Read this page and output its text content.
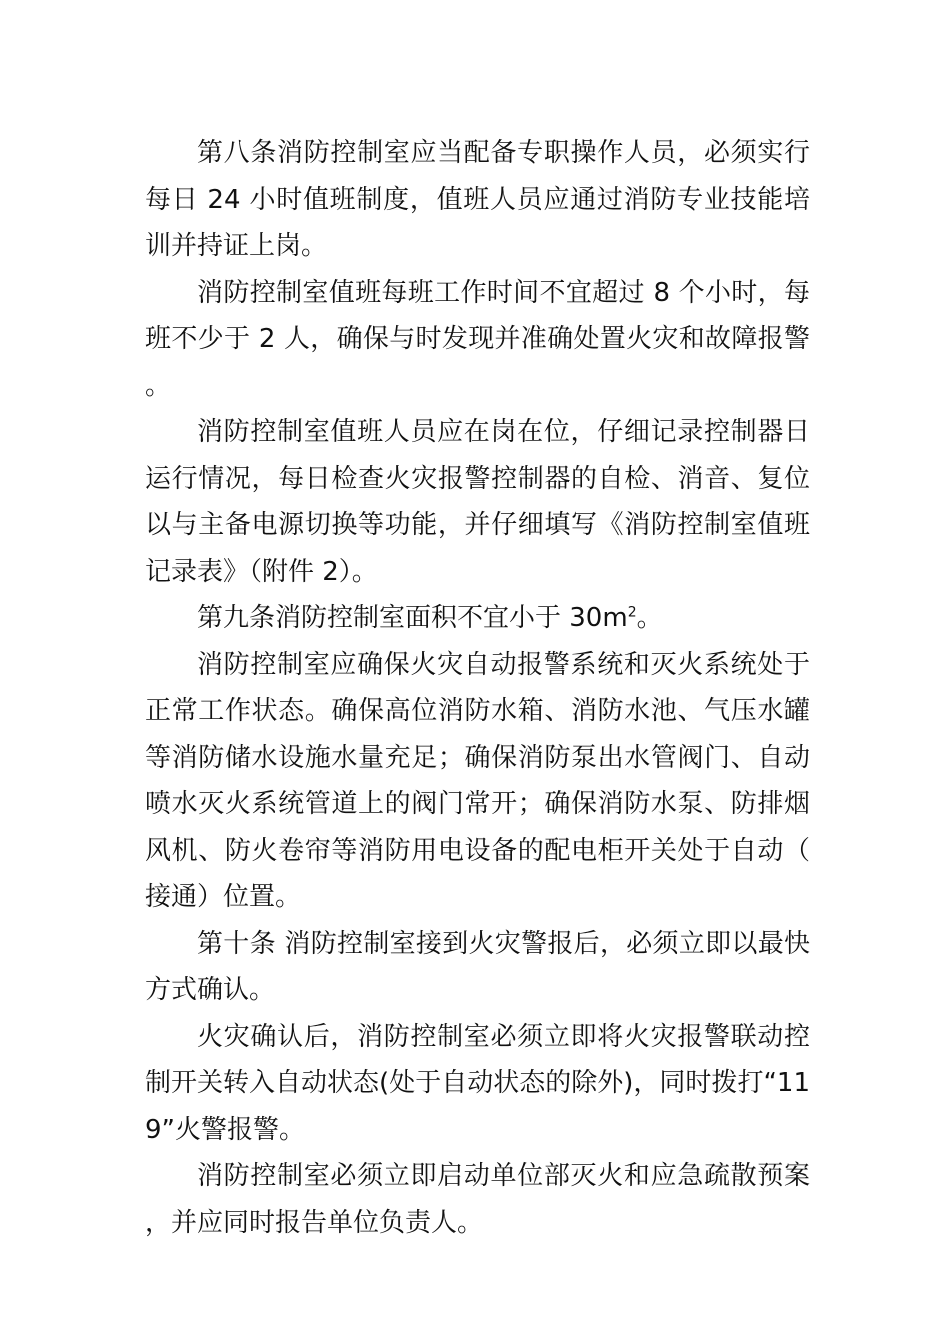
第八条消防控制室应当配备专职操作人员，必须实行每日 24 小时值班制度，值班人员应通过消防专业技能培训并持证上岗。

消防控制室值班每班工作时间不宜超过 8 个小时，每班不少于 2 人，确保与时发现并准确处置火灾和故障报警。

消防控制室值班人员应在岗在位，仔细记录控制器日运行情况，每日检查火灾报警控制器的自检、消音、复位以与主备电源切换等功能，并仔细填写《消防控制室值班记录表》（附件 2）。

第九条消防控制室面积不宜小于 $30m^2$。

消防控制室应确保火灾自动报警系统和灭火系统处于正常工作状态。确保高位消防水箱、消防水池、气压水罐等消防储水设施水量充足；确保消防泵出水管阀门、自动喷水灭火系统管道上的阀门常开；确保消防水泵、防排烟风机、防火卷帘等消防用电设备的配电柜开关处于自动（接通）位置。

第十条 消防控制室接到火灾警报后，必须立即以最快方式确认。

火灾确认后，消防控制室必须立即将火灾报警联动控制开关转入自动状态(处于自动状态的除外)，同时拨打“119”火警报警。

消防控制室必须立即启动单位部灭火和应急疏散预案，并应同时报告单位负责人。
